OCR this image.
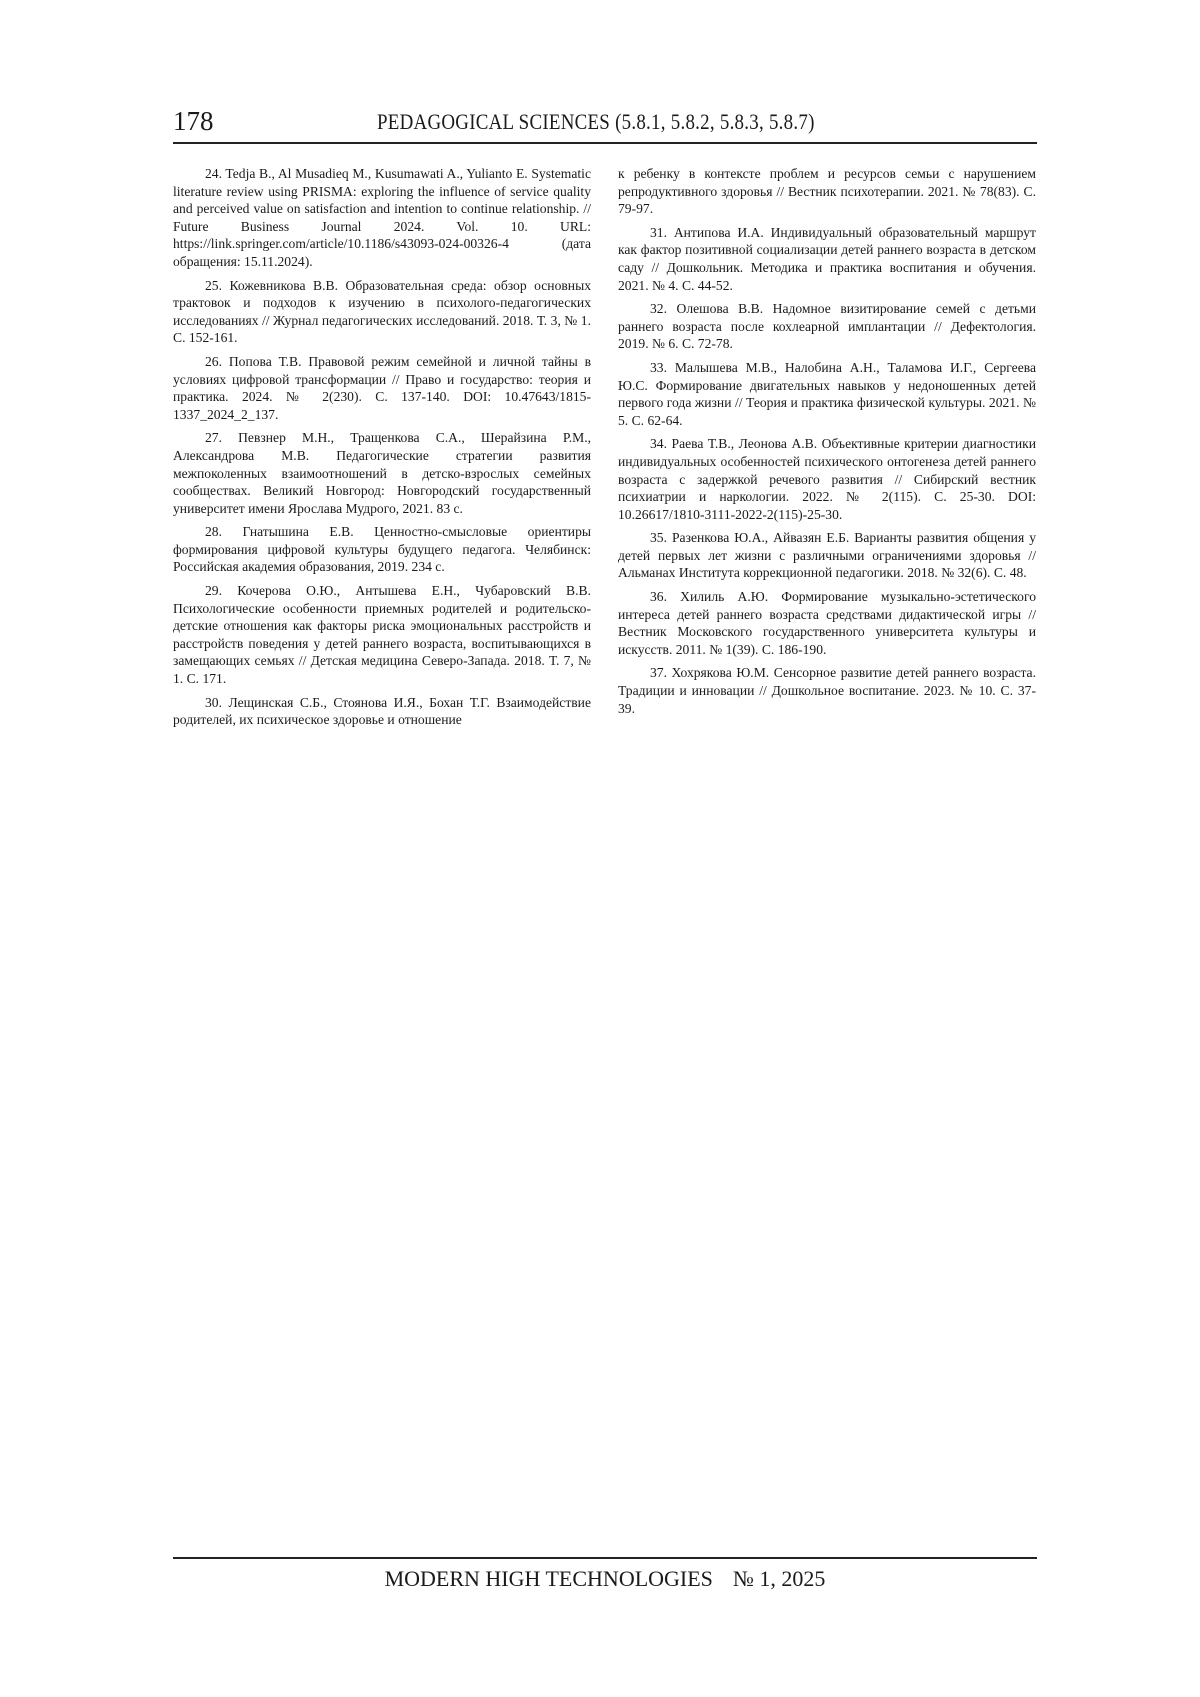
178	PEDAGOGICAL SCIENCES (5.8.1, 5.8.2, 5.8.3, 5.8.7)

24. Tedja B., Al Musadieq M., Kusumawati A., Yulianto E. Systematic literature review using PRISMA: exploring the influence of service quality and perceived value on satisfaction and intention to continue relationship. // Future Business Journal 2024. Vol. 10. URL: https://link.springer.com/article/10.1186/s43093-024-00326-4 (дата обращения: 15.11.2024).

25. Кожевникова В.В. Образовательная среда: обзор основных трактовок и подходов к изучению в психолого-педагогических исследованиях // Журнал педагогических исследований. 2018. Т. 3, № 1. С. 152-161.

26. Попова Т.В. Правовой режим семейной и личной тайны в условиях цифровой трансформации // Право и государство: теория и практика. 2024. № 2(230). С. 137-140. DOI: 10.47643/1815-1337_2024_2_137.

27. Певзнер М.Н., Тращенкова С.А., Шерайзина Р.М., Александрова М.В. Педагогические стратегии развития межпоколенных взаимоотношений в детско-взрослых семейных сообществах. Великий Новгород: Новгородский государственный университет имени Ярослава Мудрого, 2021. 83 с.

28. Гнатышина Е.В. Ценностно-смысловые ориентиры формирования цифровой культуры будущего педагога. Челябинск: Российская академия образования, 2019. 234 с.

29. Кочерова О.Ю., Антышева Е.Н., Чубаровский В.В. Психологические особенности приемных родителей и родительско-детские отношения как факторы риска эмоциональных расстройств и расстройств поведения у детей раннего возраста, воспитывающихся в замещающих семьях // Детская медицина Северо-Запада. 2018. Т. 7, № 1. С. 171.

30. Лещинская С.Б., Стоянова И.Я., Бохан Т.Г. Взаимодействие родителей, их психическое здоровье и отношение

к ребенку в контексте проблем и ресурсов семьи с нарушением репродуктивного здоровья // Вестник психотерапии. 2021. № 78(83). С. 79-97.

31. Антипова И.А. Индивидуальный образовательный маршрут как фактор позитивной социализации детей раннего возраста в детском саду // Дошкольник. Методика и практика воспитания и обучения. 2021. № 4. С. 44-52.

32. Олешова В.В. Надомное визитирование семей с детьми раннего возраста после кохлеарной имплантации // Дефектология. 2019. № 6. С. 72-78.

33. Малышева М.В., Налобина А.Н., Таламова И.Г., Сергеева Ю.С. Формирование двигательных навыков у недоношенных детей первого года жизни // Теория и практика физической культуры. 2021. № 5. С. 62-64.

34. Раева Т.В., Леонова А.В. Объективные критерии диагностики индивидуальных особенностей психического онтогенеза детей раннего возраста с задержкой речевого развития // Сибирский вестник психиатрии и наркологии. 2022. № 2(115). С. 25-30. DOI: 10.26617/1810-3111-2022-2(115)-25-30.

35. Разенкова Ю.А., Айвазян Е.Б. Варианты развития общения у детей первых лет жизни с различными ограничениями здоровья // Альманах Института коррекционной педагогики. 2018. № 32(6). С. 48.

36. Хилиль А.Ю. Формирование музыкально-эстетического интереса детей раннего возраста средствами дидактической игры // Вестник Московского государственного университета культуры и искусств. 2011. № 1(39). С. 186-190.

37. Хохрякова Ю.М. Сенсорное развитие детей раннего возраста. Традиции и инновации // Дошкольное воспитание. 2023. № 10. С. 37-39.

MODERN HIGH TECHNOLOGIES № 1, 2025
